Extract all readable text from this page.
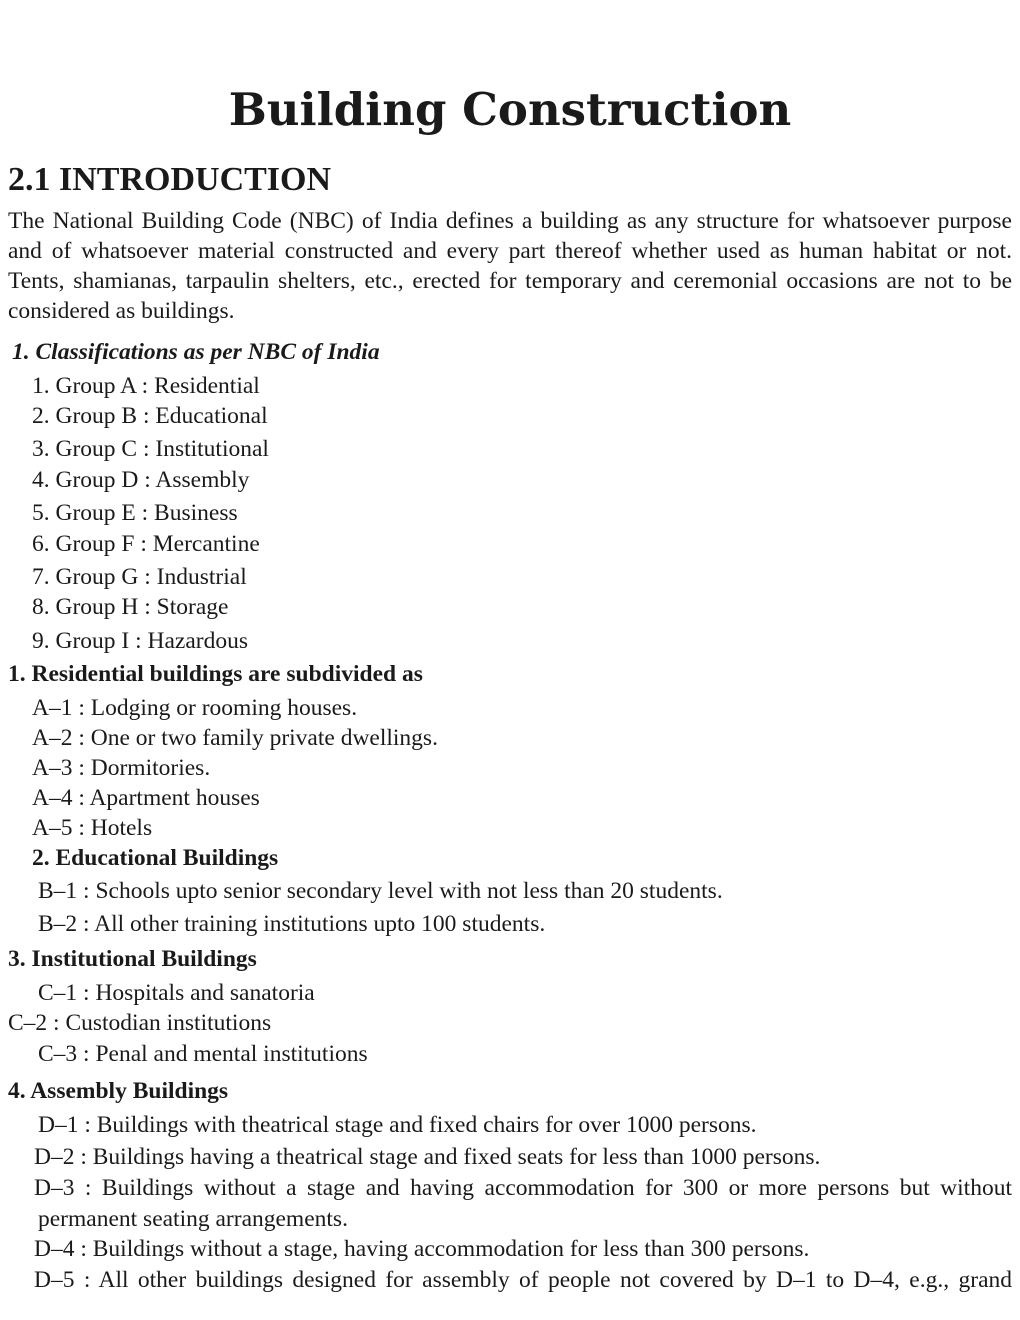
Building Construction
2.1 INTRODUCTION

The National Building Code (NBC) of India defines a building as any structure for whatsoever purpose and of whatsoever material constructed and every part thereof whether used as human habitat or not. Tents, shamianas, tarpaulin shelters, etc., erected for temporary and ceremonial occasions are not to be considered as buildings.

1. Classifications as per NBC of India
1. Group A : Residential
2. Group B : Educational
3. Group C : Institutional
4. Group D : Assembly
5. Group E : Business
6. Group F : Mercantine
7. Group G : Industrial
8. Group H : Storage
9. Group I : Hazardous
1. Residential buildings are subdivided as
A–1 : Lodging or rooming houses.
A–2 : One or two family private dwellings.
A–3 : Dormitories.
A–4 : Apartment houses
A–5 : Hotels
2. Educational Buildings
B–1 : Schools upto senior secondary level with not less than 20 students.
B–2 : All other training institutions upto 100 students.
3. Institutional Buildings
C–1 : Hospitals and sanatoria
C–2 : Custodian institutions
C–3 : Penal and mental institutions
4. Assembly Buildings
D–1 : Buildings with theatrical stage and fixed chairs for over 1000 persons.
D–2 : Buildings having a theatrical stage and fixed seats for less than 1000 persons.
D–3 : Buildings without a stage and having accommodation for 300 or more persons but without
permanent seating arrangements.
D–4 : Buildings without a stage, having accommodation for less than 300 persons.
D–5 : All other buildings designed for assembly of people not covered by D–1 to D–4, e.g., grand
